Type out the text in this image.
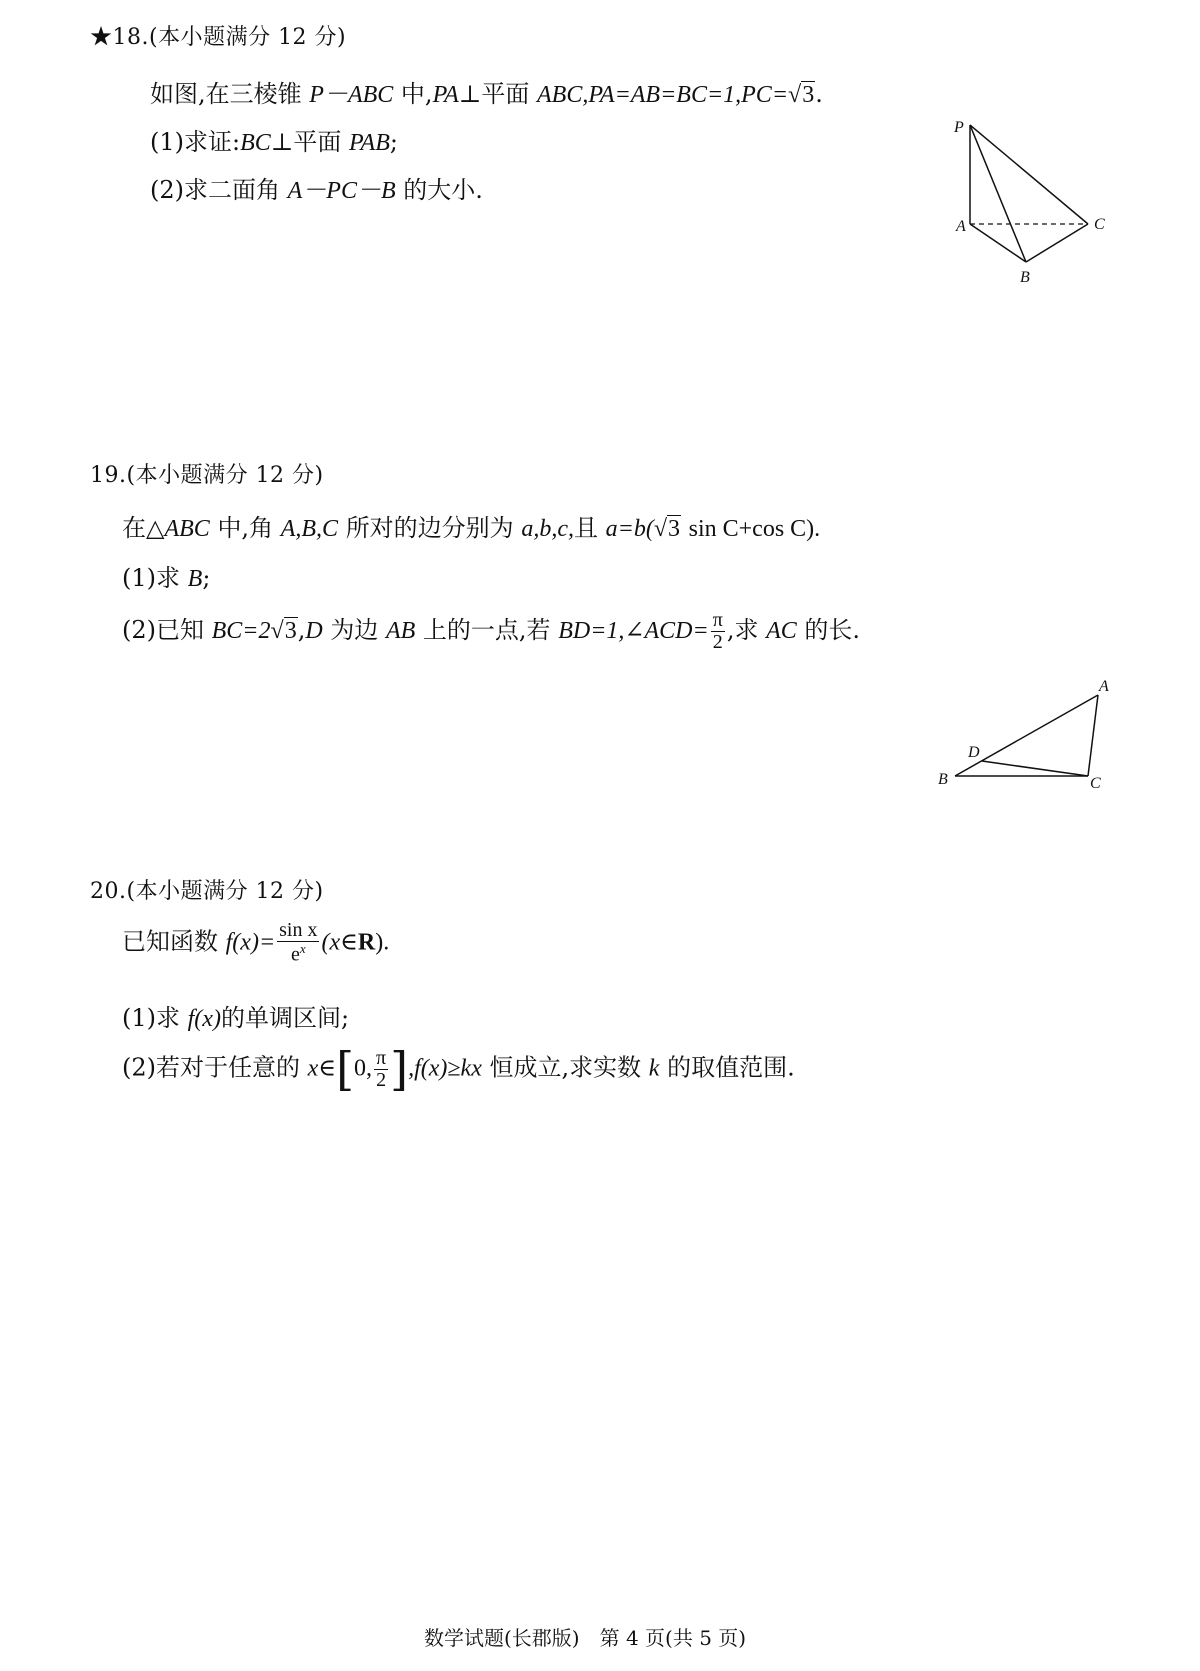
★18.(本小题满分 12 分)
如图,在三棱锥 P－ABC 中,PA⊥平面 ABC,PA=AB=BC=1,PC=√3.
(1)求证:BC⊥平面 PAB;
(2)求二面角 A－PC－B 的大小.
P
A
B
C
19.(本小题满分 12 分)
在△ABC 中,角 A,B,C 所对的边分别为 a,b,c,且 a=b(√3 sin C+cos C).
(1)求 B;
(2)已知 BC=2√3,D 为边 AB 上的一点,若 BD=1,∠ACD= $\frac{\pi}{2}$ ,求 AC 的长.
A
B	C
D
20.(本小题满分 12 分)
已知函数 $f(x)= \frac{\text{sin x}}{e^x}$ (x∈R).
(1)求 f(x)的单调区间;
(2)若对于任意的 x∈[0, $\frac{\pi}{2} ],f(x)\ge kx$ 恒成立,求实数 k 的取值范围.
数学试题(长郡版)　第 4 页(共 5 页)
